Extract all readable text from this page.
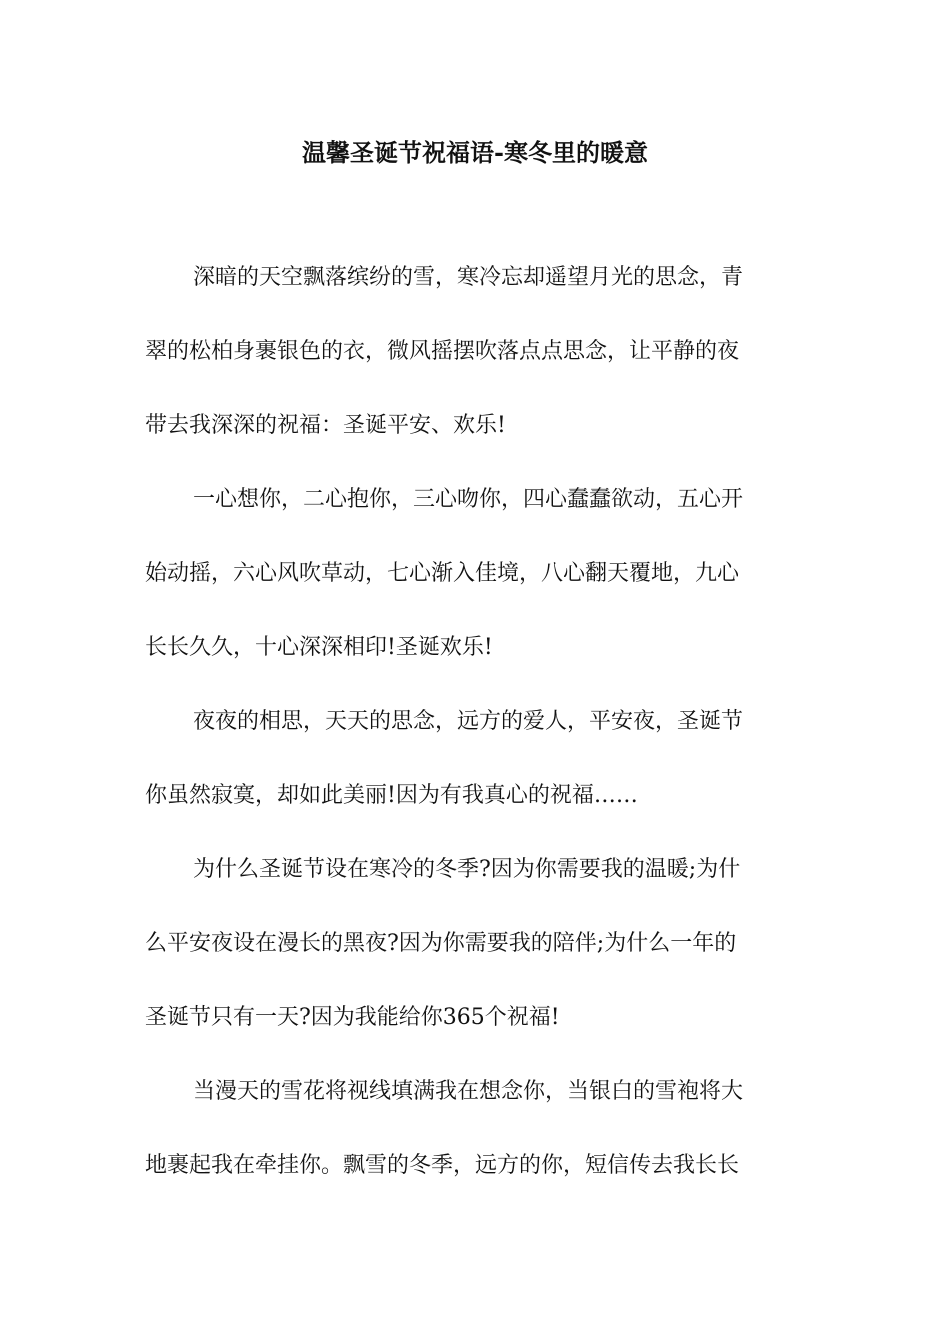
温馨圣诞节祝福语-寒冬里的暖意
深暗的天空飘落缤纷的雪，寒冷忘却遥望月光的思念，青
翠的松柏身裹银色的衣，微风摇摆吹落点点思念，让平静的夜
带去我深深的祝福：圣诞平安、欢乐!
一心想你，二心抱你，三心吻你，四心蠢蠢欲动，五心开
始动摇，六心风吹草动，七心渐入佳境，八心翻天覆地，九心
长长久久，十心深深相印!圣诞欢乐!
夜夜的相思，天天的思念，远方的爱人，平安夜，圣诞节
你虽然寂寞，却如此美丽!因为有我真心的祝福……
为什么圣诞节设在寒冷的冬季?因为你需要我的温暖;为什
么平安夜设在漫长的黑夜?因为你需要我的陪伴;为什么一年的
圣诞节只有一天?因为我能给你365个祝福!
当漫天的雪花将视线填满我在想念你，当银白的雪袍将大
地裹起我在牵挂你。飘雪的冬季，远方的你，短信传去我长长
